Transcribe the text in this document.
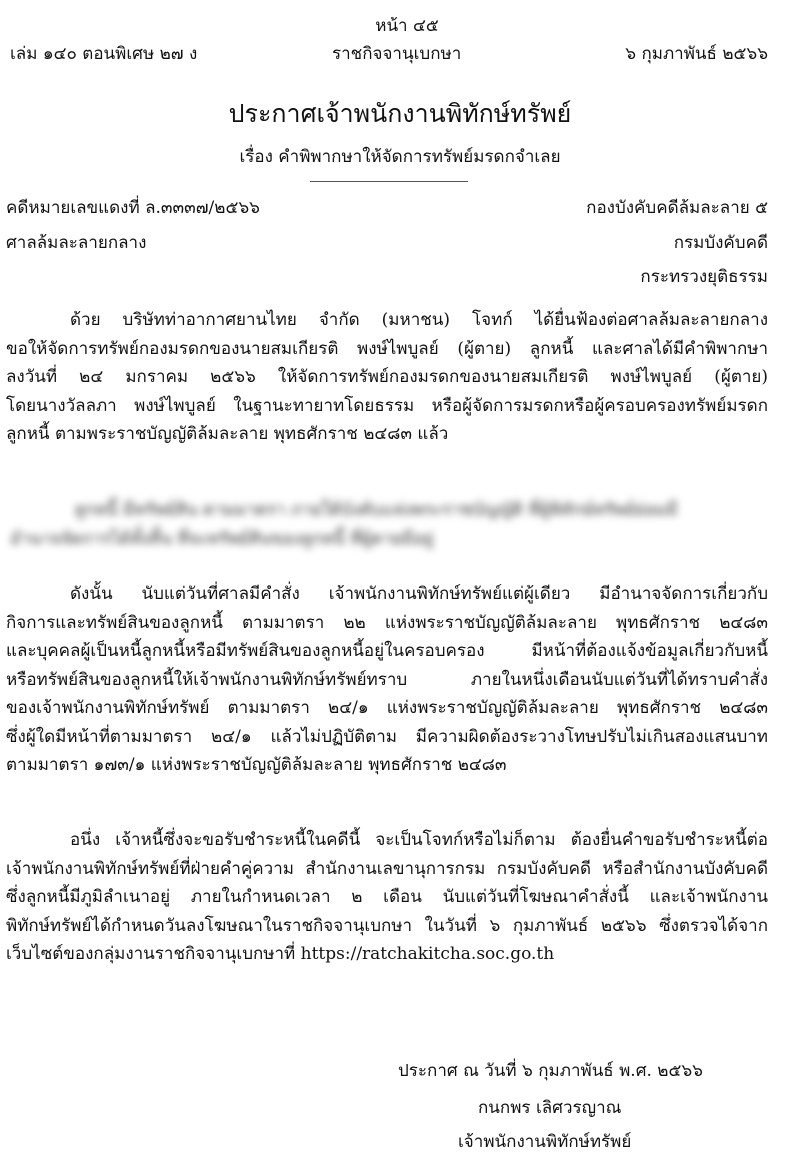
หน้า ๔๕
เล่ม ๑๔๐ ตอนพิเศษ ๒๗ ง	ราชกิจจานุเบกษา	๖ กุมภาพันธ์ ๒๕๖๖
ประกาศเจ้าพนักงานพิทักษ์ทรัพย์
เรื่อง คำพิพากษาให้จัดการทรัพย์มรดกจำเลย
คดีหมายเลขแดงที่ ล.๓๓๓๗/๒๕๖๖	กองบังคับคดีล้มละลาย ๕
ศาลล้มละลายกลาง	กรมบังคับคดี
กระทรวงยุติธรรม
ด้วย บริษัทท่าอากาศยานไทย จำกัด (มหาชน) โจทก์ ได้ยื่นฟ้องต่อศาลล้มละลายกลาง
ขอให้จัดการทรัพย์กองมรดกของนายสมเกียรติ พงษ์ไพบูลย์ (ผู้ตาย) ลูกหนี้ และศาลได้มีคำพิพากษา
ลงวันที่ ๒๔ มกราคม ๒๕๖๖ ให้จัดการทรัพย์กองมรดกของนายสมเกียรติ พงษ์ไพบูลย์ (ผู้ตาย)
โดยนางวัลลภา พงษ์ไพบูลย์ ในฐานะทายาทโดยธรรม หรือผู้จัดการมรดกหรือผู้ครอบครองทรัพย์มรดก
ลูกหนี้ ตามพระราชบัญญัติล้มละลาย พุทธศักราช ๒๔๘๓ แล้ว
ลูกหนี้ มีทรัพย์สิน ตามมาตรา ภายใต้บังคับแห่งพระราชบัญญัติ ที่ผู้พิทักษ์ทรัพย์ย่อมมี
อำนาจจัดการได้ทั้งสิ้น ที่จะทรัพย์สินของลูกหนี้ ที่ผู้ตายมีอยู่
ดังนั้น นับแต่วันที่ศาลมีคำสั่ง เจ้าพนักงานพิทักษ์ทรัพย์แต่ผู้เดียว มีอำนาจจัดการเกี่ยวกับ
กิจการและทรัพย์สินของลูกหนี้ ตามมาตรา ๒๒ แห่งพระราชบัญญัติล้มละลาย พุทธศักราช ๒๔๘๓
และบุคคลผู้เป็นหนี้ลูกหนี้หรือมีทรัพย์สินของลูกหนี้อยู่ในครอบครอง มีหน้าที่ต้องแจ้งข้อมูลเกี่ยวกับหนี้
หรือทรัพย์สินของลูกหนี้ให้เจ้าพนักงานพิทักษ์ทรัพย์ทราบ ภายในหนึ่งเดือนนับแต่วันที่ได้ทราบคำสั่ง
ของเจ้าพนักงานพิทักษ์ทรัพย์ ตามมาตรา ๒๔/๑ แห่งพระราชบัญญัติล้มละลาย พุทธศักราช ๒๔๘๓
ซึ่งผู้ใดมีหน้าที่ตามมาตรา ๒๔/๑ แล้วไม่ปฏิบัติตาม มีความผิดต้องระวางโทษปรับไม่เกินสองแสนบาท
ตามมาตรา ๑๗๓/๑ แห่งพระราชบัญญัติล้มละลาย พุทธศักราช ๒๔๘๓
อนึ่ง เจ้าหนี้ซึ่งจะขอรับชำระหนี้ในคดีนี้ จะเป็นโจทก์หรือไม่ก็ตาม ต้องยื่นคำขอรับชำระหนี้ต่อ
เจ้าพนักงานพิทักษ์ทรัพย์ที่ฝ่ายคำคู่ความ สำนักงานเลขานุการกรม กรมบังคับคดี หรือสำนักงานบังคับคดี
ซึ่งลูกหนี้มีภูมิลำเนาอยู่ ภายในกำหนดเวลา ๒ เดือน นับแต่วันที่โฆษณาคำสั่งนี้ และเจ้าพนักงาน
พิทักษ์ทรัพย์ได้กำหนดวันลงโฆษณาในราชกิจจานุเบกษา ในวันที่ ๖ กุมภาพันธ์ ๒๕๖๖ ซึ่งตรวจได้จาก
เว็บไซต์ของกลุ่มงานราชกิจจานุเบกษาที่ https://ratchakitcha.soc.go.th
ประกาศ ณ วันที่ ๖ กุมภาพันธ์ พ.ศ. ๒๕๖๖
กนกพร เลิศวรญาณ
เจ้าพนักงานพิทักษ์ทรัพย์
